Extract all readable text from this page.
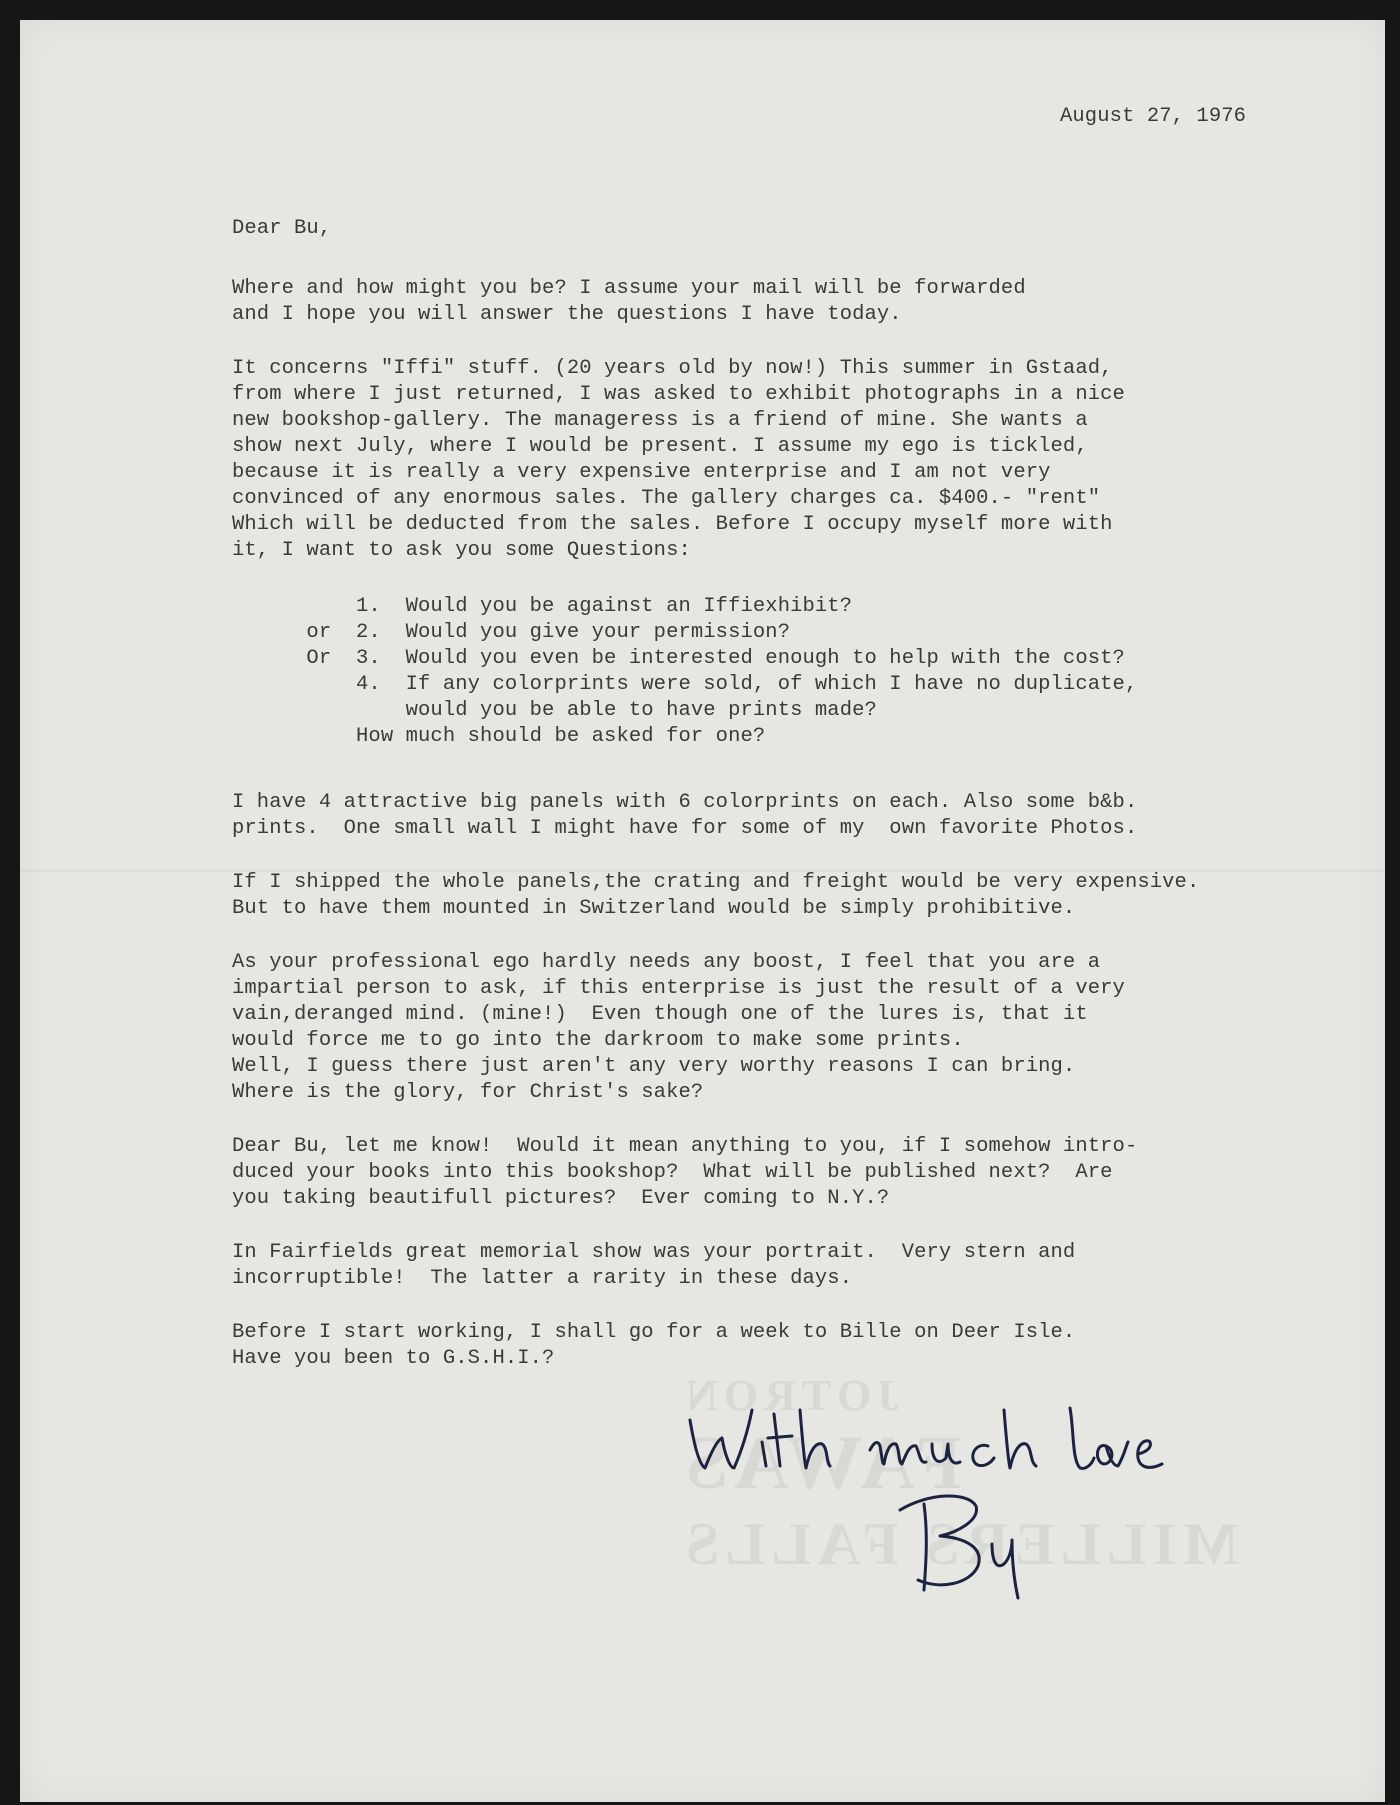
JOTRON
FAWAS
MILLERS FALLS
August 27, 1976
Dear Bu,
Where and how might you be? I assume your mail will be forwarded
and I hope you will answer the questions I have today.
It concerns "Iffi" stuff. (20 years old by now!) This summer in Gstaad,
from where I just returned, I was asked to exhibit photographs in a nice
new bookshop-gallery. The manageress is a friend of mine. She wants a
show next July, where I would be present. I assume my ego is tickled,
because it is really a very expensive enterprise and I am not very
convinced of any enormous sales. The gallery charges ca. $400.- "rent"
Which will be deducted from the sales. Before I occupy myself more with
it, I want to ask you some Questions:
1.  Would you be against an Iffiexhibit?
or  2.  Would you give your permission?
Or  3.  Would you even be interested enough to help with the cost?
4.  If any colorprints were sold, of which I have no duplicate,
would you be able to have prints made?
How much should be asked for one?
I have 4 attractive big panels with 6 colorprints on each. Also some b&b.
prints.  One small wall I might have for some of my  own favorite Photos.
If I shipped the whole panels,the crating and freight would be very expensive.
But to have them mounted in Switzerland would be simply prohibitive.
As your professional ego hardly needs any boost, I feel that you are a
impartial person to ask, if this enterprise is just the result of a very
vain,deranged mind. (mine!)  Even though one of the lures is, that it
would force me to go into the darkroom to make some prints.
Well, I guess there just aren't any very worthy reasons I can bring.
Where is the glory, for Christ's sake?
Dear Bu, let me know!  Would it mean anything to you, if I somehow intro-
duced your books into this bookshop?  What will be published next?  Are
you taking beautifull pictures?  Ever coming to N.Y.?
In Fairfields great memorial show was your portrait.  Very stern and
incorruptible!  The latter a rarity in these days.
Before I start working, I shall go for a week to Bille on Deer Isle.
Have you been to G.S.H.I.?
